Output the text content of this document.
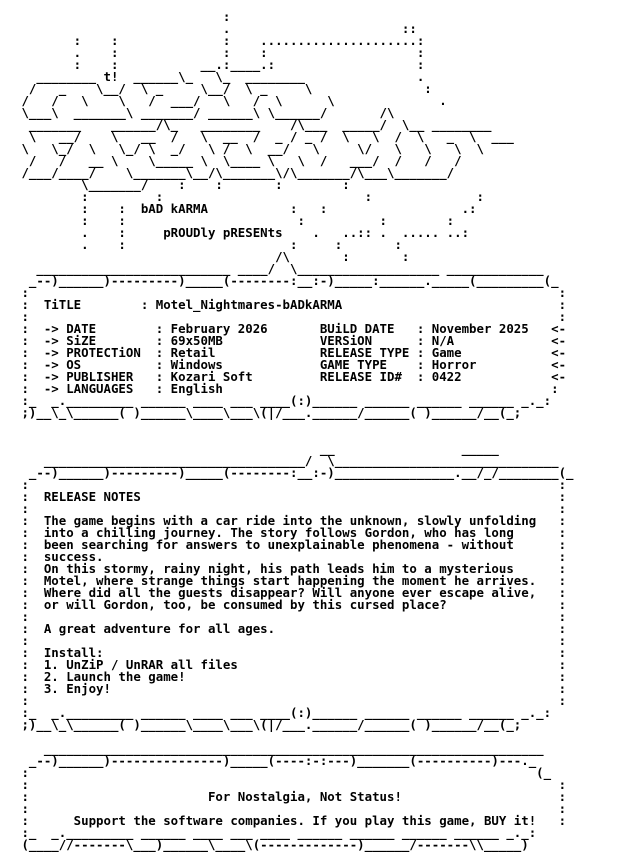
:
.                       ::
:    :              :    .....................:
.    :              :    :                    :
:    :           __.:____.:                   :
________ t!  ______\_   \_  ________               .
/   _    \__/  \ _     \__/  \ _     \               :
/   /   \    \   /  ___/   \   /  \      \              .
\___\  _______\ _______/ ______\ \______/       /\
_______    ______/\_   ________    /\___  _____/  \__ ________
\   __/    \   __  /   \  __  /  _ / _ /  \   \  /  \   _  \  ___
\   \_/  \   \_/ \  _/   \ /  \  __/   \     \/   \   \   \  \
/   /   __ \    \_____ \  \____ \   \  /   ___/  /   /   /
/___/____/    \_______\__/\_______\/\_______/\___\_______/
\_______/    :    :       :        :
:         :                           :              :
:    :  bAD kARMA           :   :                  .:
:    :                       :          :        :
.    :     pROUDly pRESENts    .   ..:: .  ..... ..:
.    :                      :     :       :
/\       :       :
__________________________ ____/  \___________________ _____________
_--)______)---------)_____(--------:__:-)_____:______._____(_________(_
:                                                                       :
:  TiTLE        : Motel_Nightmares-bADkARMA                             :
:                                                                       :
:  -> DATE        : February 2026       BUiLD DATE   : November 2025   <-
:  -> SiZE        : 69x50MB             VERSiON      : N/A             <-
:  -> PROTECTiON  : Retail              RELEASE TYPE : Game            <-
:  -> OS          : Windows             GAME TYPE    : Horror          <-
:  -> PUBLISHER   : Kozari Soft         RELEASE ID#  : 0422            <-
:  -> LANGUAGES   : English                                            :
:_  _._________ ______ ____ ___ ____(:)______ ______ ______ ______ _._:
;)__\_\______( )______\____\___\(|/___.______/______( )______/__(_;

__                 _____
___________________________________/  \______________________________
_--)______)---------)_____(--------:__:-)________________.__/_/________(_
:                                                                       :
:  RELEASE NOTES                                                        :
:                                                                       :
:  The game begins with a car ride into the unknown, slowly unfolding   :
:  into a chilling journey. The story follows Gordon, who has long      :
:  been searching for answers to unexplainable phenomena - without      :
:  success.                                                             :
:  On this stormy, rainy night, his path leads him to a mysterious      :
:  Motel, where strange things start happening the moment he arrives.   :
:  Where did all the guests disappear? Will anyone ever escape alive,   :
:  or will Gordon, too, be consumed by this cursed place?               :
:                                                                       :
:  A great adventure for all ages.                                      :
:                                                                       :
:  Install:                                                             :
:  1. UnZiP / UnRAR all files                                           :
:  2. Launch the game!                                                  :
:  3. Enjoy!                                                            :
:                                                                       :
:_  _._________ ______ ____ ___ ____(:)______ ______ ______ ______ _._:
;)__\_\______( )______\____\___\(|/___.______/______( )______/__(_;

___________________________________________________________________
_--)______)---------------)_____(----:-:---)_______(----------)---._
:                                                                    (_
:                                                                       :
:                        For Nostalgia, Not Status!                     :
:                                                                       :
:      Support the software companies. If you play this game, BUY it!   :
:_  _._________ ______ ____ ___ ____ ______ ______ ______ ______ _._:
(____//-------\___)______\____\(-------------)______/-------\\_____)
